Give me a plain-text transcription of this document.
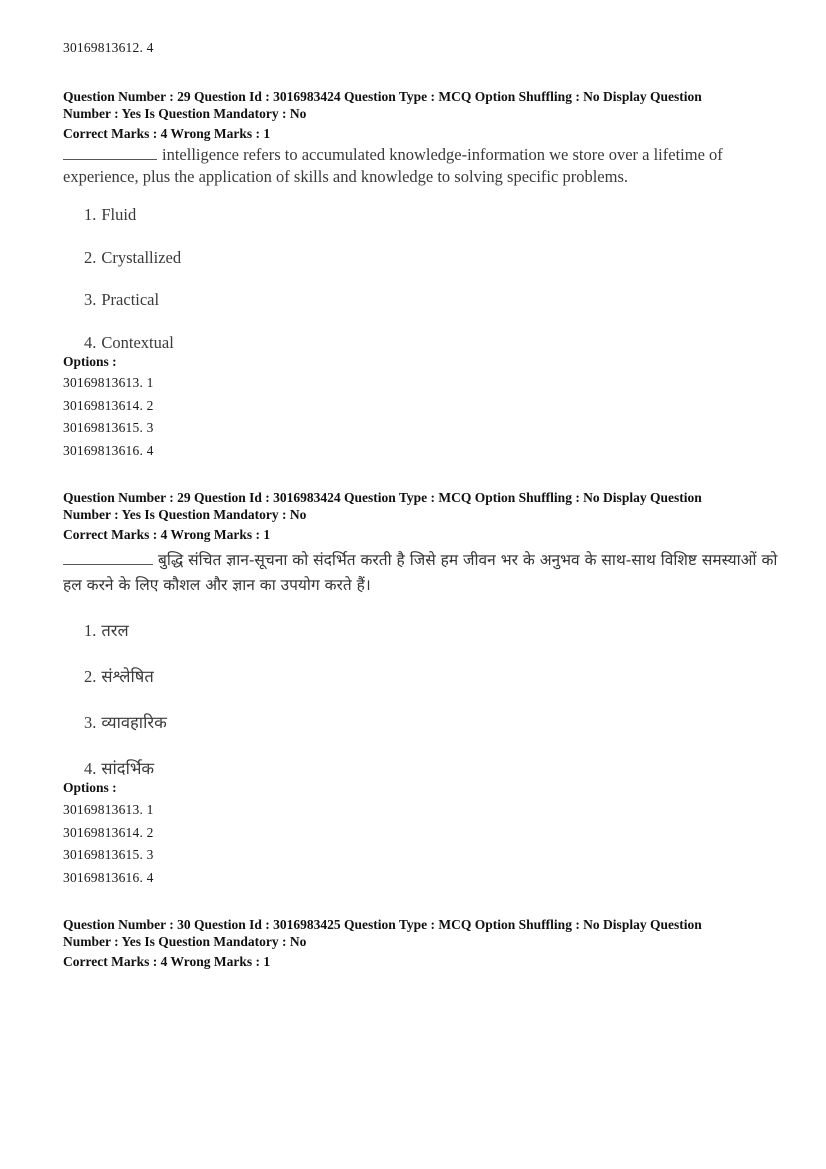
30169813612. 4
Question Number : 29 Question Id : 3016983424 Question Type : MCQ Option Shuffling : No Display Question
Number : Yes Is Question Mandatory : No
Correct Marks : 4 Wrong Marks : 1
intelligence refers to accumulated knowledge-information we store over a lifetime of experience, plus the application of skills and knowledge to solving specific problems.
1. Fluid
2. Crystallized
3. Practical
4. Contextual
Options :
30169813613. 1
30169813614. 2
30169813615. 3
30169813616. 4
Question Number : 29 Question Id : 3016983424 Question Type : MCQ Option Shuffling : No Display Question
Number : Yes Is Question Mandatory : No
Correct Marks : 4 Wrong Marks : 1
बुद्धि संचित ज्ञान-सूचना को संदर्भित करती है जिसे हम जीवन भर के अनुभव के साथ-साथ विशिष्ट समस्याओं को हल करने के लिए कौशल और ज्ञान का उपयोग करते हैं।
1. तरल
2. संश्लेषित
3. व्यावहारिक
4. सांदर्भिक
Options :
30169813613. 1
30169813614. 2
30169813615. 3
30169813616. 4
Question Number : 30 Question Id : 3016983425 Question Type : MCQ Option Shuffling : No Display Question
Number : Yes Is Question Mandatory : No
Correct Marks : 4 Wrong Marks : 1
